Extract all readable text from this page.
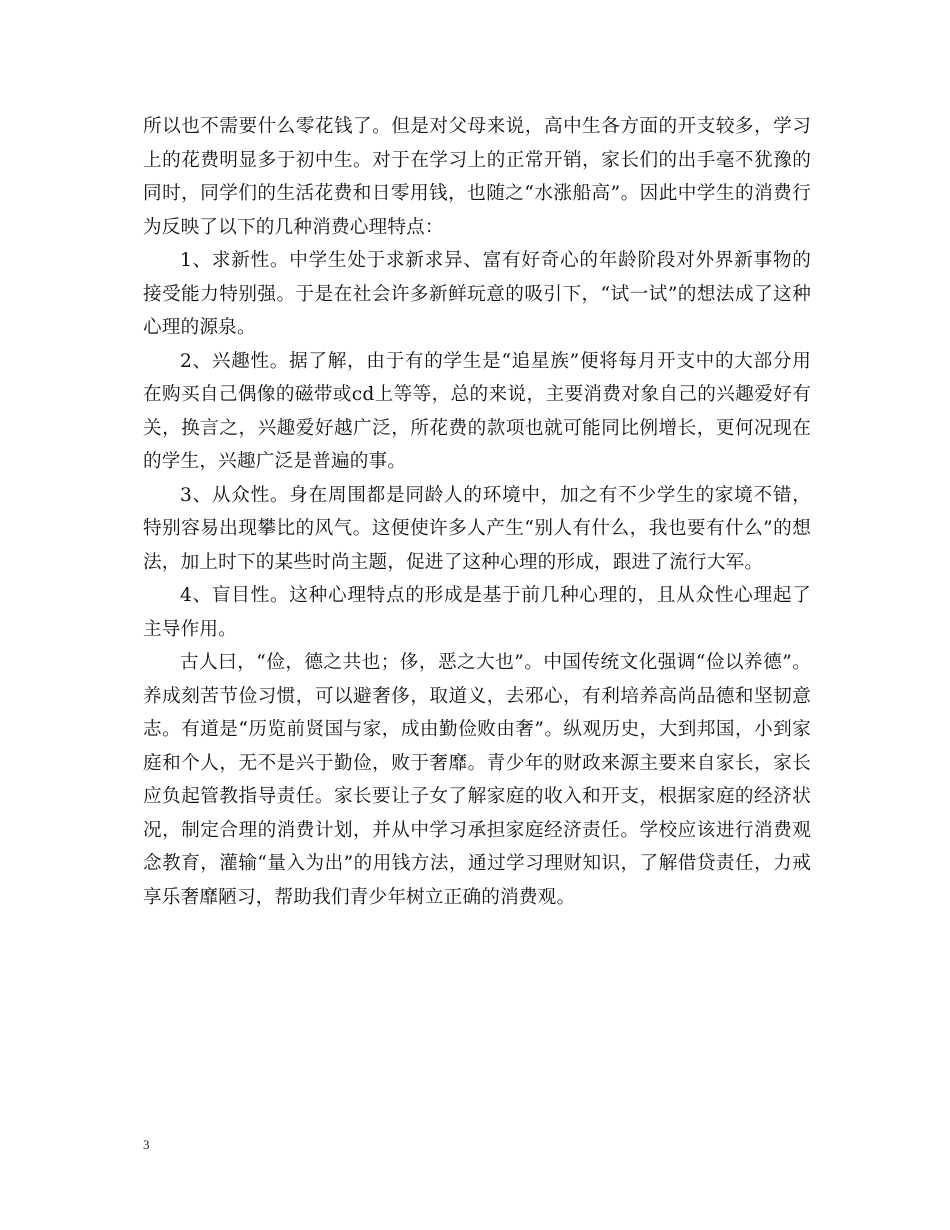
所以也不需要什么零花钱了。但是对父母来说，高中生各方面的开支较多，学习上的花费明显多于初中生。对于在学习上的正常开销，家长们的出手毫不犹豫的同时，同学们的生活花费和日零用钱，也随之“水涨船高”。因此中学生的消费行为反映了以下的几种消费心理特点：

1、求新性。中学生处于求新求异、富有好奇心的年龄阶段对外界新事物的接受能力特别强。于是在社会许多新鲜玩意的吸引下，“试一试”的想法成了这种心理的源泉。

2、兴趣性。据了解，由于有的学生是“追星族”便将每月开支中的大部分用在购买自己偶像的磁带或cd上等等，总的来说，主要消费对象自己的兴趣爱好有关，换言之，兴趣爱好越广泛，所花费的款项也就可能同比例增长，更何况现在的学生，兴趣广泛是普遍的事。

3、从众性。身在周围都是同龄人的环境中，加之有不少学生的家境不错，特别容易出现攀比的风气。这便使许多人产生“别人有什么，我也要有什么”的想法，加上时下的某些时尚主题，促进了这种心理的形成，跟进了流行大军。

4、盲目性。这种心理特点的形成是基于前几种心理的，且从众性心理起了主导作用。

古人曰，“俭，德之共也；侈，恶之大也”。中国传统文化强调“俭以养德”。养成刻苦节俭习惯，可以避奢侈，取道义，去邪心，有利培养高尚品德和坚韧意志。有道是“历览前贤国与家，成由勤俭败由奢”。纵观历史，大到邦国，小到家庭和个人，无不是兴于勤俭，败于奢靡。青少年的财政来源主要来自家长，家长应负起管教指导责任。家长要让子女了解家庭的收入和开支，根据家庭的经济状况，制定合理的消费计划，并从中学习承担家庭经济责任。学校应该进行消费观念教育，灌输“量入为出”的用钱方法，通过学习理财知识，了解借贷责任，力戒享乐奢靡陋习，帮助我们青少年树立正确的消费观。

3
